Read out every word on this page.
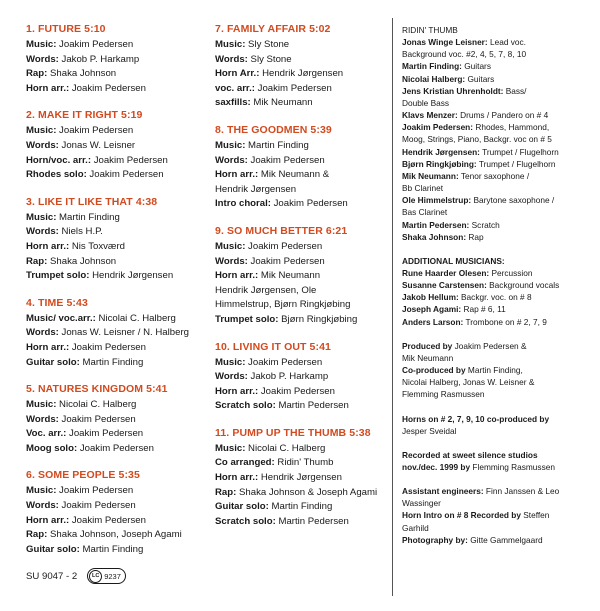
1. FUTURE 5:10
Music: Joakim Pedersen
Words: Jakob P. Harkamp
Rap: Shaka Johnson
Horn arr.: Joakim Pedersen
2. MAKE IT RIGHT 5:19
Music: Joakim Pedersen
Words: Jonas W. Leisner
Horn/voc. arr.: Joakim Pedersen
Rhodes solo: Joakim Pedersen
3. LIKE IT LIKE THAT 4:38
Music: Martin Finding
Words: Niels H.P.
Horn arr.: Nis Toxværd
Rap: Shaka Johnson
Trumpet solo: Hendrik Jørgensen
4. TIME 5:43
Music/ voc.arr.: Nicolai C. Halberg
Words: Jonas W. Leisner / N. Halberg
Horn arr.: Joakim Pedersen
Guitar solo: Martin Finding
5. NATURES KINGDOM 5:41
Music: Nicolai C. Halberg
Words: Joakim Pedersen
Voc. arr.: Joakim Pedersen
Moog solo: Joakim Pedersen
6. SOME PEOPLE 5:35
Music: Joakim Pedersen
Words: Joakim Pedersen
Horn arr.: Joakim Pedersen
Rap: Shaka Johnson, Joseph Agami
Guitar solo: Martin Finding
7. FAMILY AFFAIR 5:02
Music: Sly Stone
Words: Sly Stone
Horn Arr.: Hendrik Jørgensen
voc. arr.: Joakim Pedersen
saxfills: Mik Neumann
8. THE GOODMEN 5:39
Music: Martin Finding
Words: Joakim Pedersen
Horn arr.: Mik Neumann &
Hendrik Jørgensen
Intro choral: Joakim Pedersen
9. SO MUCH BETTER 6:21
Music: Joakim Pedersen
Words: Joakim Pedersen
Horn arr.: Mik Neumann
Hendrik Jørgensen, Ole
Himmelstrup, Bjørn Ringkjøbing
Trumpet solo: Bjørn Ringkjøbing
10. LIVING IT OUT 5:41
Music: Joakim Pedersen
Words: Jakob P. Harkamp
Horn arr.: Joakim Pedersen
Scratch solo: Martin Pedersen
11. PUMP UP THE THUMB 5:38
Music: Nicolai C. Halberg
Co arranged: Ridin' Thumb
Horn arr.: Hendrik Jørgensen
Rap: Shaka Johnson & Joseph Agami
Guitar solo: Martin Finding
Scratch solo: Martin Pedersen
RIDIN' THUMB
Jonas Winge Leisner: Lead voc.
Background voc. #2, 4, 5, 7, 8, 10
Martin Finding: Guitars
Nicolai Halberg: Guitars
Jens Kristian Uhrenholdt: Bass/
Double Bass
Klavs Menzer: Drums / Pandero on # 4
Joakim Pedersen: Rhodes, Hammond,
Moog, Strings, Piano, Backgr. voc on # 5
Hendrik Jørgensen: Trumpet / Flugelhorn
Bjørn Ringkjøbing: Trumpet / Flugelhorn
Mik Neumann: Tenor saxophone /
Bb Clarinet
Ole Himmelstrup: Barytone saxophone /
Bas Clarinet
Martin Pedersen: Scratch
Shaka Johnson: Rap
ADDITIONAL MUSICIANS:
Rune Haarder Olesen: Percussion
Susanne Carstensen: Background vocals
Jakob Hellum: Backgr. voc. on # 8
Joseph Agami: Rap # 6, 11
Anders Larson: Trombone on # 2, 7, 9
Produced by Joakim Pedersen &
Mik Neumann
Co-produced by Martin Finding,
Nicolai Halberg, Jonas W. Leisner &
Flemming Rasmussen
Horns on # 2, 7, 9, 10 co-produced by
Jesper Sveidal
Recorded at sweet silence studios
nov./dec. 1999 by Flemming Rasmussen
Assistant engineers: Finn Janssen & Leo
Wassinger
Horn Intro on # 8 Recorded by Steffen
Garhild
Photography by: Gitte Gammelgaard
SU 9047 - 2	LC 9237
